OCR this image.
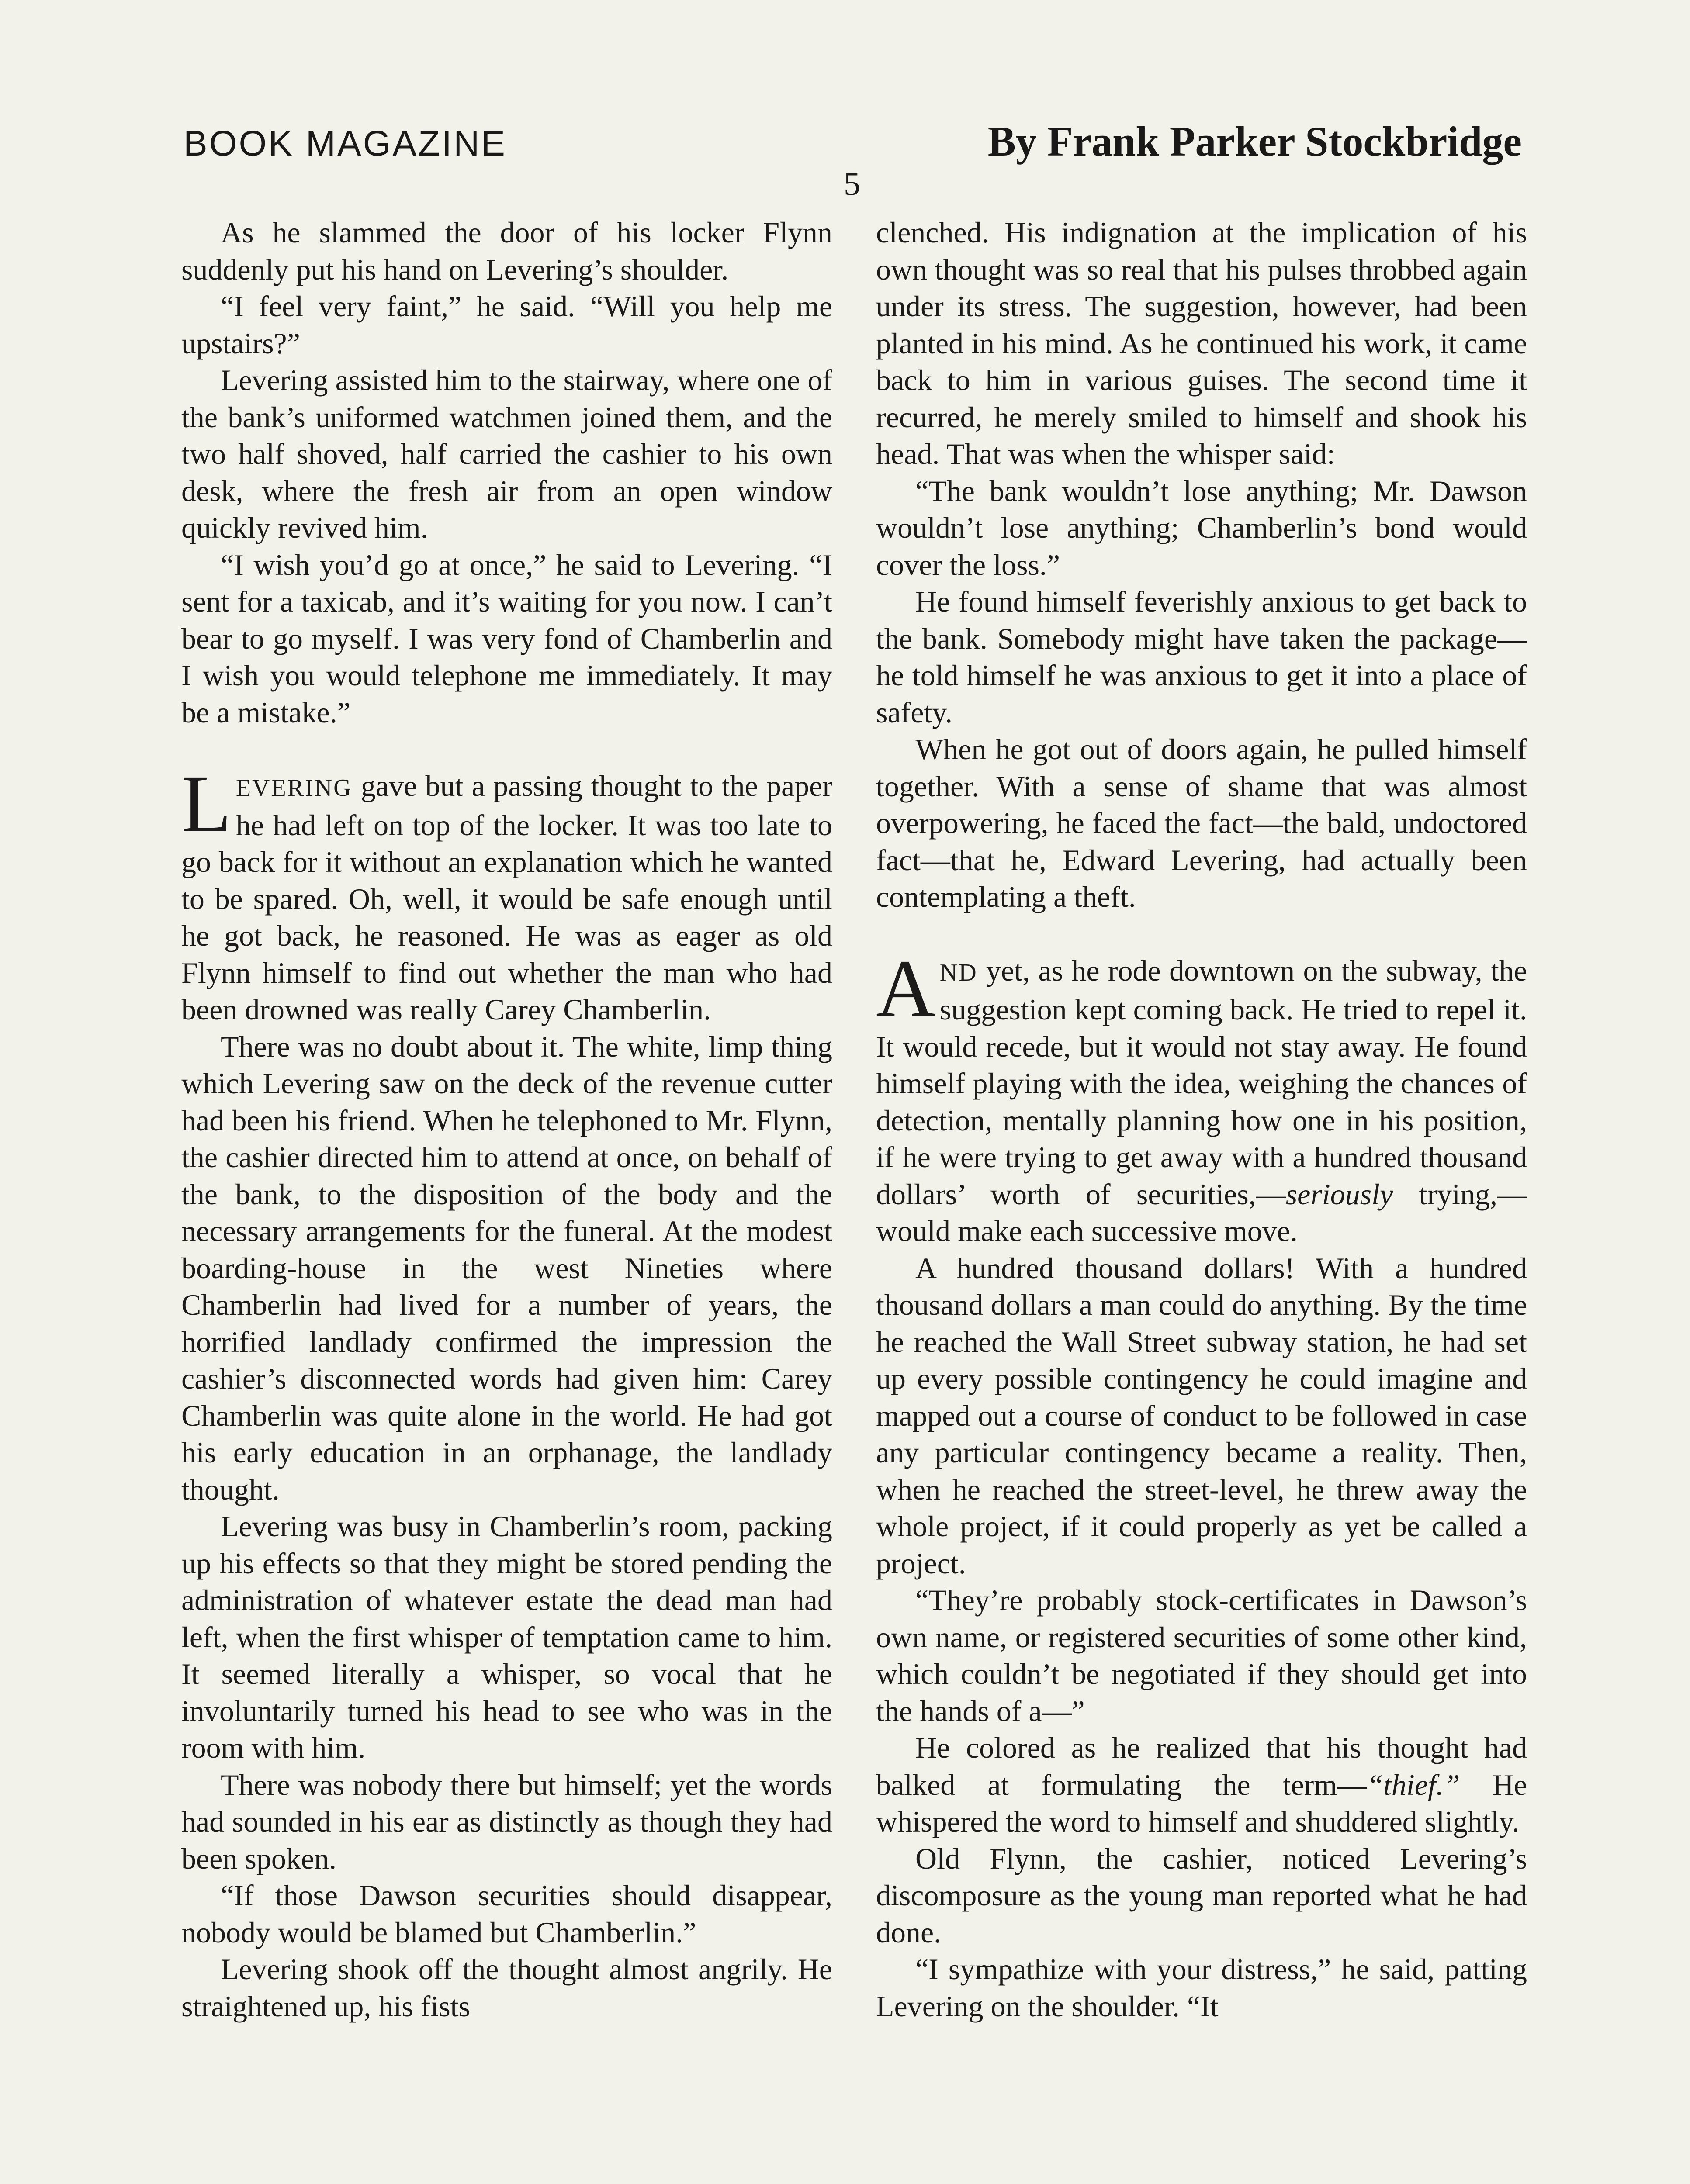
BOOK MAGAZINE	By Frank Parker Stockbridge
5

As he slammed the door of his locker Flynn suddenly put his hand on Levering’s shoulder.

“I feel very faint,” he said. “Will you help me upstairs?”

Levering assisted him to the stairway, where one of the bank’s uniformed watchmen joined them, and the two half shoved, half carried the cashier to his own desk, where the fresh air from an open window quickly revived him.

“I wish you’d go at once,” he said to Levering. “I sent for a taxicab, and it’s waiting for you now. I can’t bear to go myself. I was very fond of Chamberlin and I wish you would telephone me immediately. It may be a mistake.”

LEVERING gave but a passing thought to the paper he had left on top of the locker. It was too late to go back for it without an explanation which he wanted to be spared. Oh, well, it would be safe enough until he got back, he reasoned. He was as eager as old Flynn himself to find out whether the man who had been drowned was really Carey Chamberlin.

There was no doubt about it. The white, limp thing which Levering saw on the deck of the revenue cutter had been his friend. When he telephoned to Mr. Flynn, the cashier directed him to attend at once, on behalf of the bank, to the disposition of the body and the necessary arrangements for the funeral. At the modest boarding-house in the west Nineties where Chamberlin had lived for a number of years, the horrified landlady confirmed the impression the cashier’s disconnected words had given him: Carey Chamberlin was quite alone in the world. He had got his early education in an orphanage, the landlady thought.

Levering was busy in Chamberlin’s room, packing up his effects so that they might be stored pending the administration of whatever estate the dead man had left, when the first whisper of temptation came to him. It seemed literally a whisper, so vocal that he involuntarily turned his head to see who was in the room with him.

There was nobody there but himself; yet the words had sounded in his ear as distinctly as though they had been spoken.

“If those Dawson securities should disappear, nobody would be blamed but Chamberlin.”

Levering shook off the thought almost angrily. He straightened up, his fists

clenched. His indignation at the implication of his own thought was so real that his pulses throbbed again under its stress. The suggestion, however, had been planted in his mind. As he continued his work, it came back to him in various guises. The second time it recurred, he merely smiled to himself and shook his head. That was when the whisper said:

“The bank wouldn’t lose anything; Mr. Dawson wouldn’t lose anything; Chamberlin’s bond would cover the loss.”

He found himself feverishly anxious to get back to the bank. Somebody might have taken the package—he told himself he was anxious to get it into a place of safety.

When he got out of doors again, he pulled himself together. With a sense of shame that was almost overpowering, he faced the fact—the bald, undoctored fact—that he, Edward Levering, had actually been contemplating a theft.

AND yet, as he rode downtown on the subway, the suggestion kept coming back. He tried to repel it. It would recede, but it would not stay away. He found himself playing with the idea, weighing the chances of detection, mentally planning how one in his position, if he were trying to get away with a hundred thousand dollars’ worth of securities,—seriously trying,—would make each successive move.

A hundred thousand dollars! With a hundred thousand dollars a man could do anything. By the time he reached the Wall Street subway station, he had set up every possible contingency he could imagine and mapped out a course of conduct to be followed in case any particular contingency became a reality. Then, when he reached the street-level, he threw away the whole project, if it could properly as yet be called a project.

“They’re probably stock-certificates in Dawson’s own name, or registered securities of some other kind, which couldn’t be negotiated if they should get into the hands of a—”

He colored as he realized that his thought had balked at formulating the term—“thief.” He whispered the word to himself and shuddered slightly.

Old Flynn, the cashier, noticed Levering’s discomposure as the young man reported what he had done.

“I sympathize with your distress,” he said, patting Levering on the shoulder. “It
